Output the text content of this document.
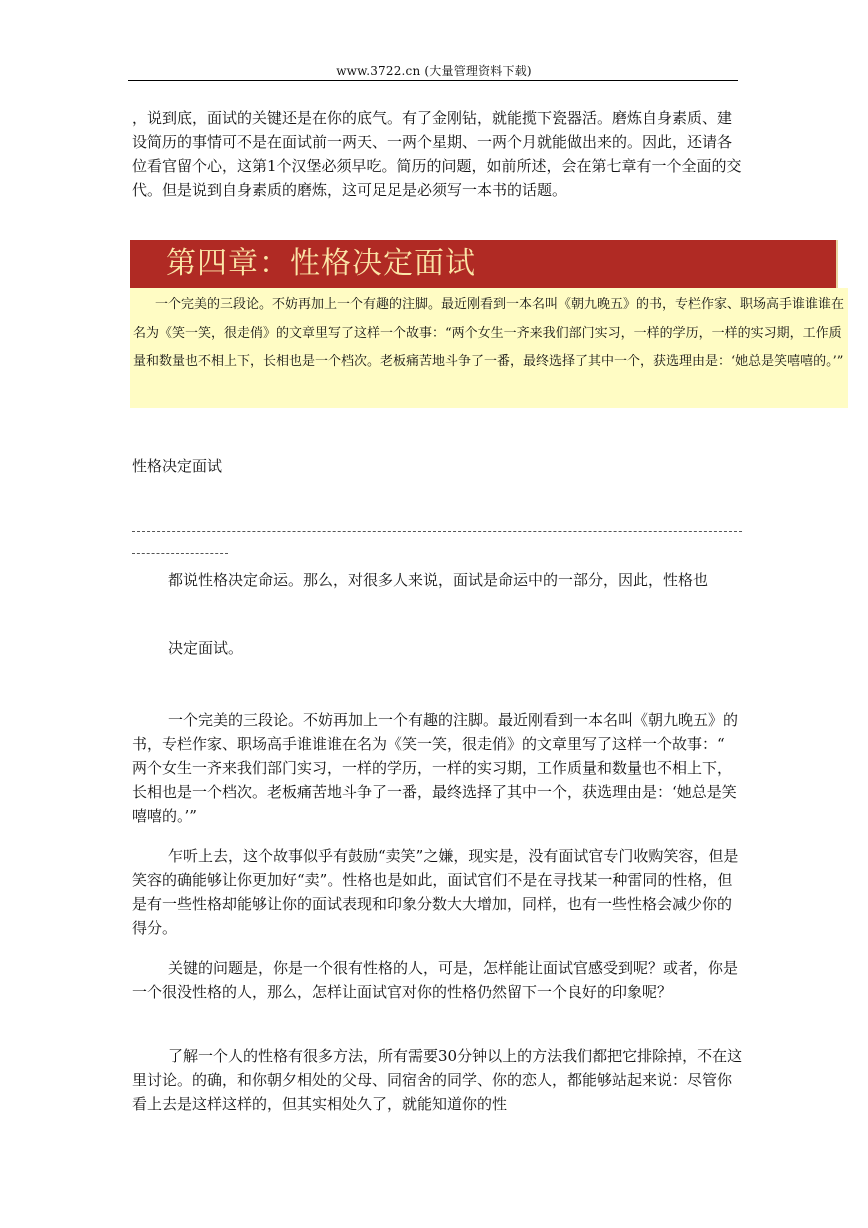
www.3722.cn (大量管理资料下载)

，说到底，面试的关键还是在你的底气。有了金刚钻，就能揽下瓷器活。磨炼自身素质、建设简历的事情可不是在面试前一两天、一两个星期、一两个月就能做出来的。因此，还请各位看官留个心，这第1个汉堡必须早吃。简历的问题，如前所述，会在第七章有一个全面的交代。但是说到自身素质的磨炼，这可足足是必须写一本书的话题。

第四章：性格决定面试

一个完美的三段论。不妨再加上一个有趣的注脚。最近刚看到一本名叫《朝九晚五》的书，专栏作家、职场高手谁谁谁在名为《笑一笑，很走俏》的文章里写了这样一个故事：“两个女生一齐来我们部门实习，一样的学历，一样的实习期，工作质量和数量也不相上下，长相也是一个档次。老板痛苦地斗争了一番，最终选择了其中一个，获选理由是：‘她总是笑嘻嘻的。’”

性格决定面试

都说性格决定命运。那么，对很多人来说，面试是命运中的一部分，因此，性格也

决定面试。

一个完美的三段论。不妨再加上一个有趣的注脚。最近刚看到一本名叫《朝九晚五》的书，专栏作家、职场高手谁谁谁在名为《笑一笑，很走俏》的文章里写了这样一个故事：“
两个女生一齐来我们部门实习，一样的学历，一样的实习期，工作质量和数量也不相上下，长相也是一个档次。老板痛苦地斗争了一番，最终选择了其中一个，获选理由是：‘她总是笑嘻嘻的。’”

乍听上去，这个故事似乎有鼓励“卖笑”之嫌，现实是，没有面试官专门收购笑容，但是笑容的确能够让你更加好“卖”。性格也是如此，面试官们不是在寻找某一种雷同的性格，但是有一些性格却能够让你的面试表现和印象分数大大增加，同样，也有一些性格会减少你的得分。

关键的问题是，你是一个很有性格的人，可是，怎样能让面试官感受到呢？或者，你是一个很没性格的人，那么，怎样让面试官对你的性格仍然留下一个良好的印象呢？

了解一个人的性格有很多方法，所有需要30分钟以上的方法我们都把它排除掉，不在这里讨论。的确，和你朝夕相处的父母、同宿舍的同学、你的恋人，都能够站起来说：尽管你看上去是这样这样的，但其实相处久了，就能知道你的性
